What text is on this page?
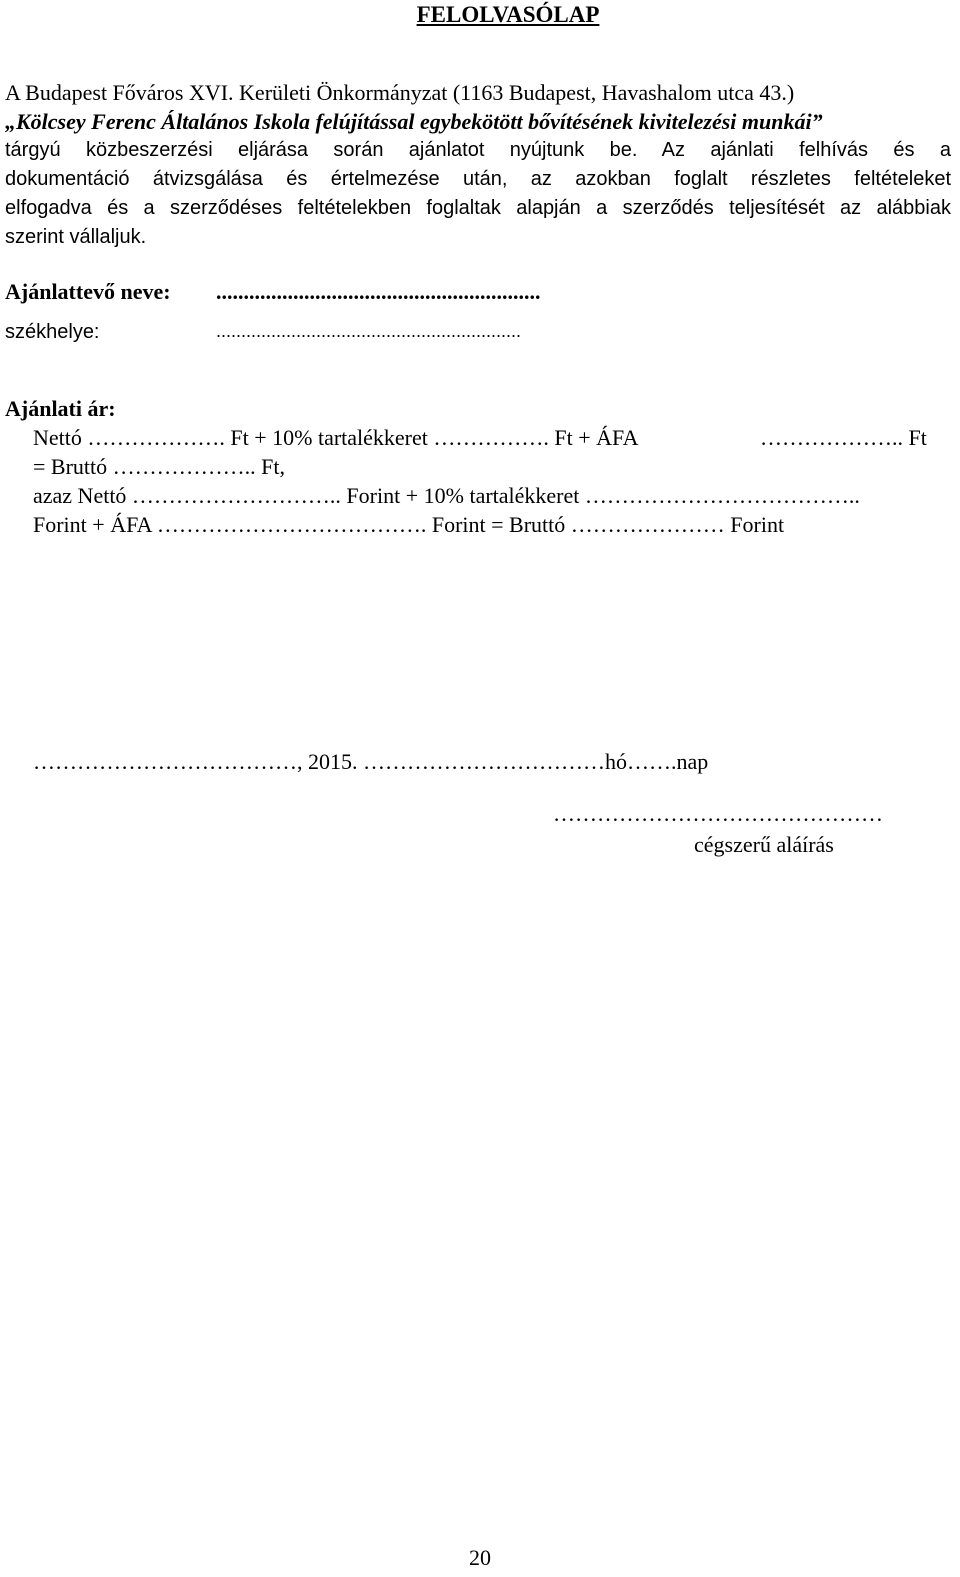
FELOLVASÓLAP
A Budapest Főváros XVI. Kerületi Önkormányzat (1163 Budapest, Havashalom utca 43.)
„Kölcsey Ferenc Általános Iskola felújítással egybekötött bővítésének kivitelezési munkái”
tárgyú közbeszerzési eljárása során ajánlatot nyújtunk be. Az ajánlati felhívás és a
dokumentáció átvizsgálása és értelmezése után, az azokban foglalt részletes feltételeket
elfogadva és a szerződéses feltételekben foglaltak alapján a szerződés teljesítését az alábbiak
szerint vállaljuk.
Ajánlattevő neve: ...........................................................
székhelye:	.............................................................
Ajánlati ár:
Nettó ………………. Ft + 10% tartalékkeret ……………. Ft + ÁFA	……………….. Ft
= Bruttó ……………….. Ft,
azaz Nettó ……………………….. Forint + 10% tartalékkeret ………………………………..
Forint + ÁFA ………………………………. Forint = Bruttó ………………… Forint
………………………………, 2015. ……………………………hó…….nap
………………………………………
cégszerű aláírás
20
